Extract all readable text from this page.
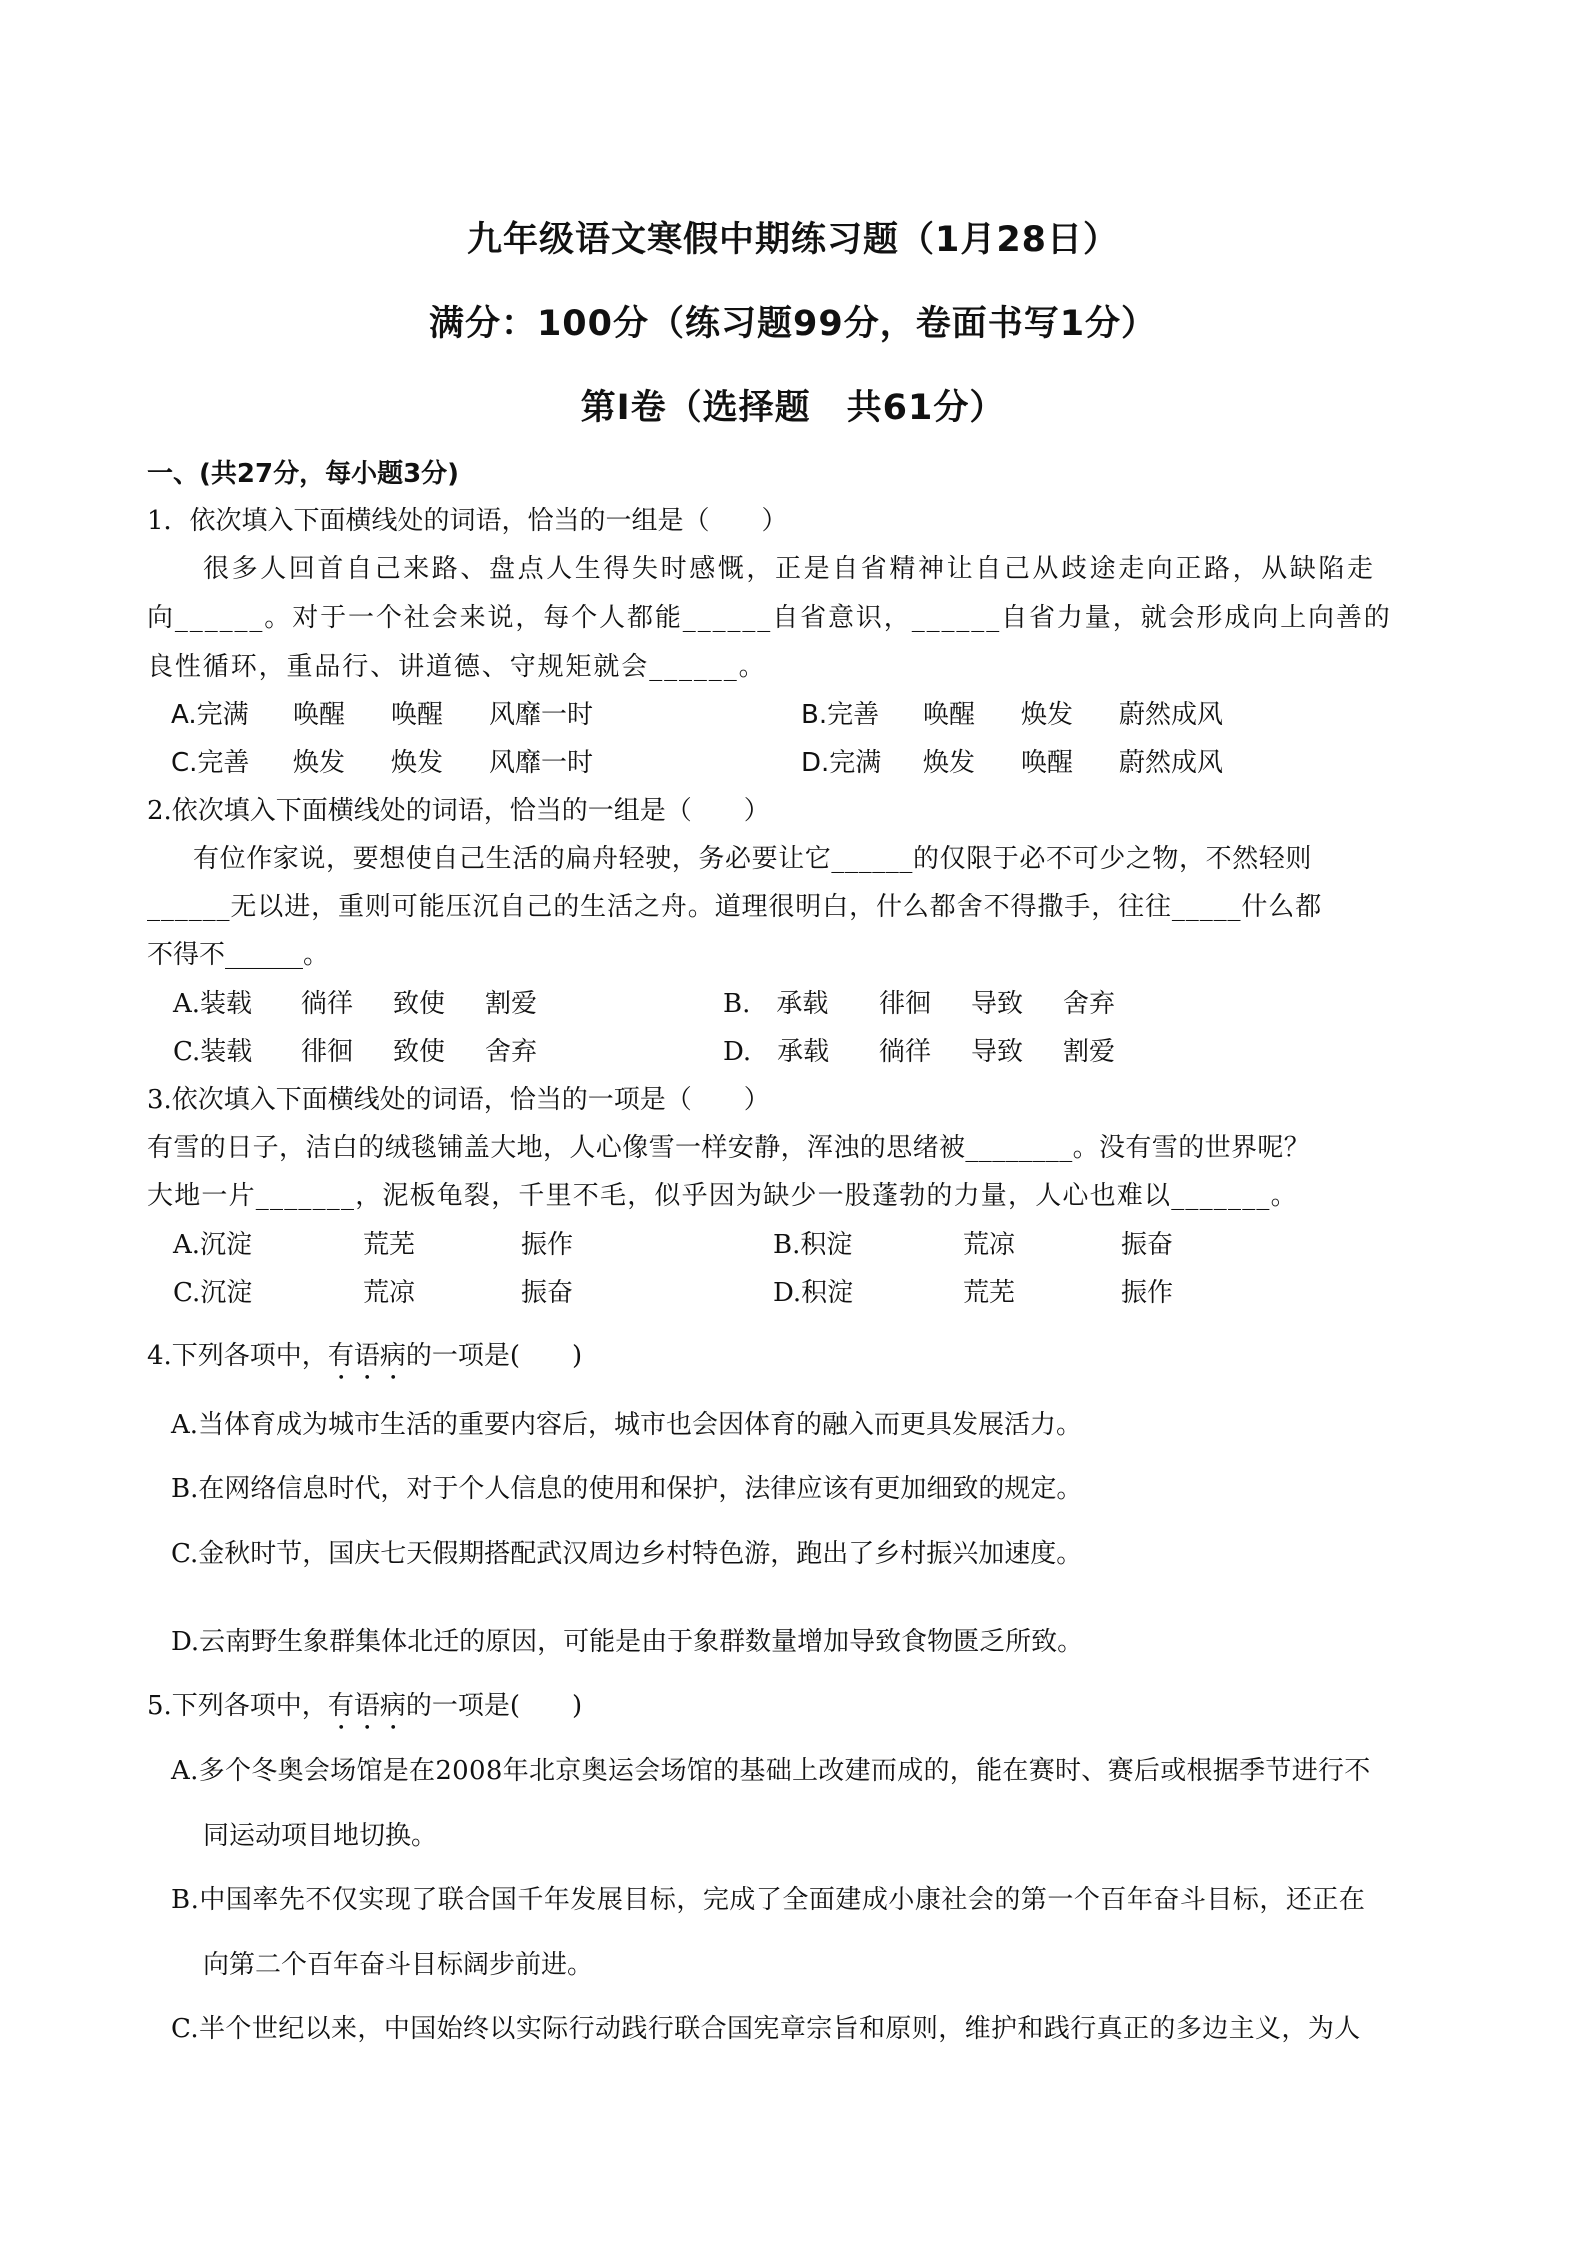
九年级语文寒假中期练习题（1月28日）
满分：100分（练习题99分，卷面书写1分）
第Ⅰ卷（选择题　共61分）
一、(共27分，每小题3分)
1．依次填入下面横线处的词语，恰当的一组是（　　）
很多人回首自己来路、盘点人生得失时感慨，正是自省精神让自己从歧途走向正路，从缺陷走
向______。对于一个社会来说，每个人都能______自省意识，______自省力量，就会形成向上向善的
良性循环，重品行、讲道德、守规矩就会______。
A.完满 唤醒 唤醒 风靡一时	B.完善 唤醒 焕发 蔚然成风
C.完善 焕发 焕发 风靡一时	D.完满 焕发 唤醒 蔚然成风
2.依次填入下面横线处的词语，恰当的一组是（　　）
有位作家说，要想使自己生活的扁舟轻驶，务必要让它______的仅限于必不可少之物，不然轻则
______无以进，重则可能压沉自己的生活之舟。道理很明白，什么都舍不得撒手，往往_____什么都
不得不______。
A.装载 徜徉 致使 割爱	B.　承载 徘徊 导致 舍弃
C.装载 徘徊 致使 舍弃	D.　承载 徜徉 导致 割爱
3.依次填入下面横线处的词语，恰当的一项是（　　）
有雪的日子，洁白的绒毯铺盖大地，人心像雪一样安静，浑浊的思绪被________。没有雪的世界呢？
大地一片_______，泥板龟裂，千里不毛，似乎因为缺少一股蓬勃的力量，人心也难以_______。
A.沉淀	荒芜	振作	B.积淀	荒凉	振奋
C.沉淀	荒凉	振奋	D.积淀	荒芜	振作
4.下列各项中，有语病的一项是(　　)
A.当体育成为城市生活的重要内容后，城市也会因体育的融入而更具发展活力。
B.在网络信息时代，对于个人信息的使用和保护，法律应该有更加细致的规定。
C.金秋时节，国庆七天假期搭配武汉周边乡村特色游，跑出了乡村振兴加速度。
D.云南野生象群集体北迁的原因，可能是由于象群数量增加导致食物匮乏所致。
5.下列各项中，有语病的一项是(　　)
A.多个冬奥会场馆是在2008年北京奥运会场馆的基础上改建而成的，能在赛时、赛后或根据季节进行不
同运动项目地切换。
B.中国率先不仅实现了联合国千年发展目标，完成了全面建成小康社会的第一个百年奋斗目标，还正在
向第二个百年奋斗目标阔步前进。
C.半个世纪以来，中国始终以实际行动践行联合国宪章宗旨和原则，维护和践行真正的多边主义，为人
